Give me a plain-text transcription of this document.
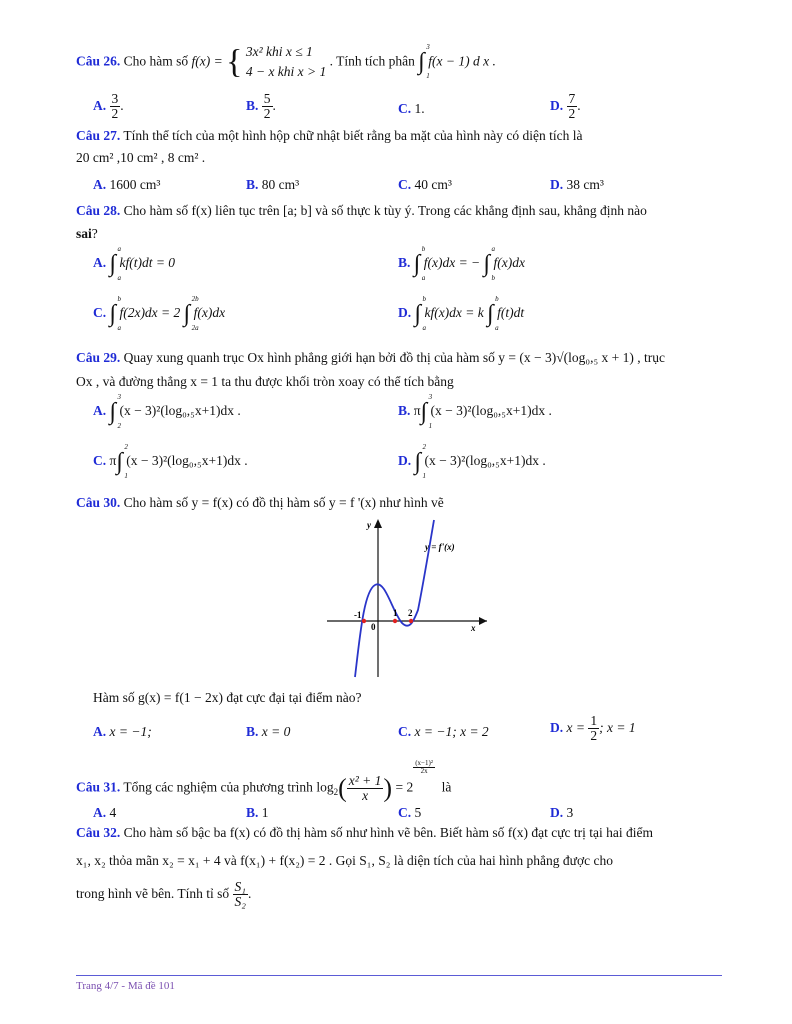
Câu 26. Cho hàm số f(x) = { 3x² khi x ≤ 1
4 − x khi x > 1
. Tính tích phân ∫
3
1
f(x − 1) d x .
A. $\frac{3}{2}$ .	B. $\frac{5}{2}$ .	C. 1.	D. $\frac{7}{2}$ .
Câu 27. Tính thể tích của một hình hộp chữ nhật biết rằng ba mặt của hình này có diện tích là
20 cm² ,10 cm² , 8 cm² .
A. 1600 cm³	B. 80 cm³	C. 40 cm³	D. 38 cm³
Câu 28. Cho hàm số f(x) liên tục trên [a; b] và số thực k tùy ý. Trong các khẳng định sau, khẳng định nào
sai?
A. ∫
a
a
kf(t)dt = 0	B. ∫
b
a
f(x)dx = − ∫
a
b
f(x)dx
C. ∫
b
a
f(2x)dx = 2 ∫
2b
2a
f(x)dx	D. ∫
b
a
kf(x)dx = k ∫
b
a
f(t)dt
Câu 29. Quay xung quanh trục Ox hình phẳng giới hạn bởi đồ thị của hàm số y = (x − 3)√(log₀,₅ x + 1) , trục
Ox , và đường thẳng x = 1 ta thu được khối tròn xoay có thể tích bằng
A. ∫
3
2
(x − 3)²(log₀,₅x+1)dx .	B. π∫
3
1
(x − 3)²(log₀,₅x+1)dx .
C. π∫
2
1
(x − 3)²(log₀,₅x+1)dx .	D. ∫
2
1
(x − 3)²(log₀,₅x+1)dx .
Câu 30. Cho hàm số y = f(x) có đồ thị hàm số y = f '(x) như hình vẽ
y = f'(x)
y
x
-1
0
1 2
Hàm số g(x) = f(1 − 2x) đạt cực đại tại điểm nào?
A. x = −1;	B. x = 0	C. x = −1; x = 2	D. $x = \frac{1}{2}$ ; x = 1
Câu 31. Tổng các nghiệm của phương trình $\log_2( \frac{\text{x² + 1}}{x}$ ) = 2
$^{\frac{\text{(x−1)²}}{2x}}$
là
A. 4	B. 1	C. 5	D. 3
Câu 32. Cho hàm số bậc ba f(x) có đồ thị hàm số như hình vẽ bên. Biết hàm số f(x) đạt cực trị tại hai điểm
x₁, x₂ thỏa mãn x₂ = x₁ + 4 và f(x₁) + f(x₂) = 2 . Gọi S₁, S₂ là diện tích của hai hình phẳng được cho
trong hình vẽ bên. Tính tỉ số $\frac{\text{S₁}}{\text{S₂}}$ .
Trang 4/7 - Mã đề 101
